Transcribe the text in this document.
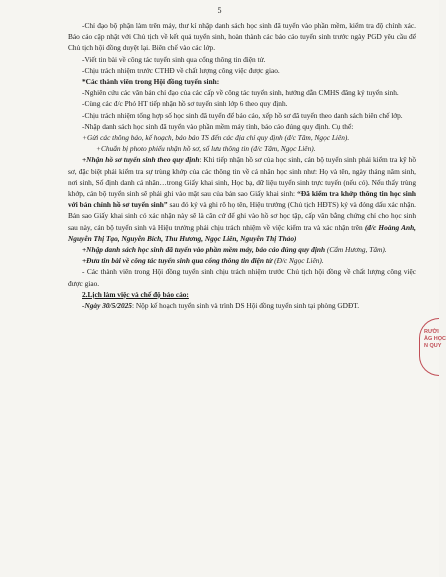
5

-Chỉ đạo bộ phận làm trên máy, thư kí nhập danh sách học sinh đã tuyển vào phần mềm, kiểm tra độ chính xác. Báo cáo cập nhật với Chủ tịch về kết quả tuyển sinh, hoàn thành các báo cáo tuyển sinh trước ngày PGD yêu cầu để Chủ tịch hội đồng duyệt lại. Biên chế vào các lớp.

-Viết tin bài về công tác tuyển sinh qua cổng thông tin điện tử.

-Chịu trách nhiệm trước CTHĐ về chất lượng công việc được giao.

*Các thành viên trong Hội đồng tuyển sinh:

-Nghiên cứu các văn bản chỉ đạo của các cấp về công tác tuyển sinh, hướng dẫn CMHS đăng ký tuyển sinh.

-Cùng các đ/c Phó HT tiếp nhận hồ sơ tuyển sinh lớp 6 theo quy định.

-Chịu trách nhiệm tổng hợp số học sinh đã tuyển để báo cáo, xếp hồ sơ đã tuyển theo danh sách biên chế lớp.

-Nhập danh sách học sinh đã tuyển vào phần mềm máy tính, báo cáo đúng quy định. Cụ thể:

+Gửi các thông báo, kế hoạch, báo báo TS đến các địa chỉ quy định (đ/c Tâm, Ngọc Liên).

+Chuẩn bị photo phiếu nhận hồ sơ, sổ lưu thông tin (đ/c Tâm, Ngọc Liên).

+Nhận hồ sơ tuyển sinh theo quy định: Khi tiếp nhận hồ sơ của học sinh, cán bộ tuyển sinh phải kiểm tra kỹ hồ sơ, đặc biệt phải kiểm tra sự trùng khớp của các thông tin về cá nhân học sinh như: Họ và tên, ngày tháng năm sinh, nơi sinh, Số định danh cá nhân…trong Giấy khai sinh, Học bạ, dữ liệu tuyển sinh trực tuyến (nếu có). Nếu thấy trùng khớp, cán bộ tuyển sinh sẽ phải ghi vào mặt sau của bản sao Giấy khai sinh: “Đã kiểm tra khớp thông tin học sinh với bản chính hồ sơ tuyển sinh” sau đó ký và ghi rõ họ tên, Hiệu trưởng (Chủ tịch HĐTS) ký và đóng dấu xác nhận. Bản sao Giấy khai sinh có xác nhận này sẽ là căn cứ để ghi vào hồ sơ học tập, cấp văn bằng chứng chỉ cho học sinh sau này, cán bộ tuyển sinh và Hiệu trưởng phải chịu trách nhiệm về việc kiểm tra và xác nhận trên (đ/c Hoàng Anh, Nguyễn Thị Tạo, Nguyễn Bích, Thu Hương, Ngọc Liên, Nguyễn Thị Thảo)

+Nhập danh sách học sinh đã tuyển vào phần mềm máy, báo cáo đúng quy định (Cẩm Hương, Tâm).

+Đưa tin bài về công tác tuyển sinh qua cổng thông tin điện tử (Đ/c Ngọc Liên).

- Các thành viên trong Hội đồng tuyển sinh chịu trách nhiệm trước Chủ tịch hội đồng về chất lượng công việc được giao.

2.Lịch làm việc và chế độ báo cáo:

-Ngày 30/5/2025: Nộp kế hoạch tuyển sinh và trình DS Hội đồng tuyển sinh tại phòng GDĐT.

RƯỜI
ÀG HỌC
N QUY
